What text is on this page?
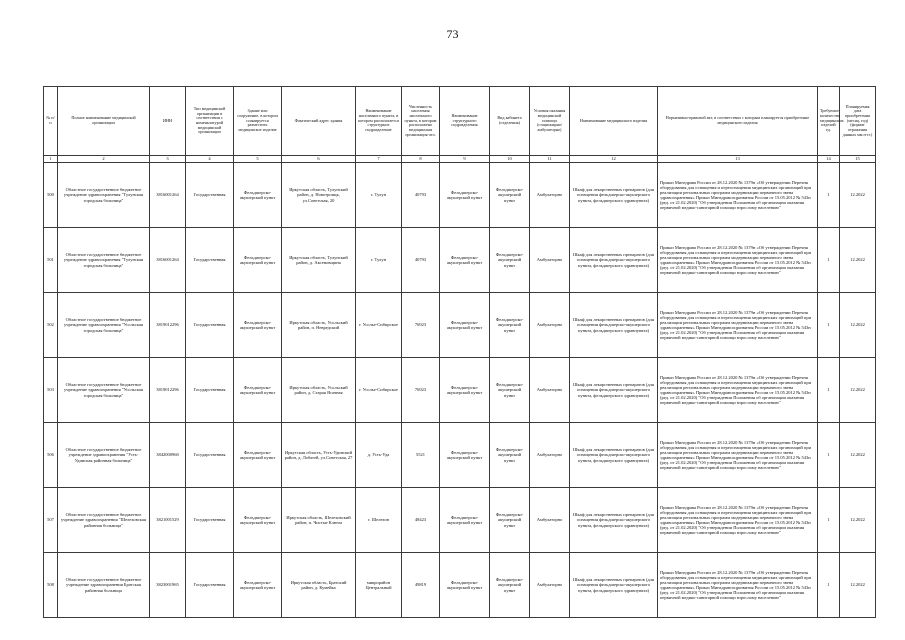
73
№ п/п	Полное наименование медицинской организации	ИНН	Тип медицинской организации в соответствии с номенклатурой медицинской организации	Здание или сооружение, в котором планируется разместить медицинское изделие	Фактический адрес здания	Наименование населенного пункта, в котором располагается структурное подразделение	Численность населения населенного пункта, в котором расположено медицинская организация чел.	Наименование структурного подразделения	Вид кабинета (отделения)	Условия оказания медицинской помощи (стационарно/амбулаторно)	Наименование медицинского изделия	Нормативно-правовой акт, в соответствии с которым планируется приобретение медицинского изделия	Требуемое количество медицинских изделий ед.	Планируемая дата приобретения (месяц, год) (формат отражения данных мм.гггг.)
1	2	3	4	5	6	7	8	9	10	11	12	13	14	15
500	Областное государственное бюджетное учреждение здравоохранения "Тулунская городская больница"	3816001264	Государственная	Фельдшерско-акушерский пункт	Иркутская область, Тулунский район, д. Новотроицк, ул.Советская, 20	г. Тулун	40793	Фельдшерско-акушерский пункт	Фельдшерско-акушерский пункт	Амбулаторно	Шкаф для лекарственных препаратов (для оснащения фельдшерско-акушерского пункта, фельдшерского здравпункта)	Приказ Минздрава России от 28.12.2020 № 1379н «Об утверждении Перечня оборудования для оснащения и переоснащения медицинских организаций при реализации региональных программ модернизации первичного звена здравоохранения» Приказ Минздравсоцразвития России от 15.05.2012 № 543н (ред. от 21.02.2020) "Об утверждении Положения об организации оказания первичной медико-санитарной помощи взрослому населению"	1	12.2022
501	Областное государственное бюджетное учреждение здравоохранения "Тулунская городская больница"	3816001264	Государственная	Фельдшерско-акушерский пункт	Иркутская область, Тулунский район, д. Аксеновщина	г. Тулун	40793	Фельдшерско-акушерский пункт	Фельдшерско-акушерский пункт	Амбулаторно	Шкаф для лекарственных препаратов (для оснащения фельдшерско-акушерского пункта, фельдшерского здравпункта)	Приказ Минздрава России от 28.12.2020 № 1379н «Об утверждении Перечня оборудования для оснащения и переоснащения медицинских организаций при реализации региональных программ модернизации первичного звена здравоохранения» Приказ Минздравсоцразвития России от 15.05.2012 № 543н (ред. от 21.02.2020) "Об утверждении Положения об организации оказания первичной медико-санитарной помощи взрослому населению"	1	12.2022
502	Областное государственное бюджетное учреждение здравоохранения "Усольская городская больница"	3819012296	Государственная	Фельдшерско-акушерский пункт	Иркутская область, Усольский район, п. Невредский	г. Усолье-Сибирское	76923	Фельдшерско-акушерский пункт	Фельдшерско-акушерский пункт	Амбулаторно	Шкаф для лекарственных препаратов (для оснащения фельдшерско-акушерского пункта, фельдшерского здравпункта)	Приказ Минздрава России от 28.12.2020 № 1379н «Об утверждении Перечня оборудования для оснащения и переоснащения медицинских организаций при реализации региональных программ модернизации первичного звена здравоохранения» Приказ Минздравсоцразвития России от 15.05.2012 № 543н (ред. от 21.02.2020) "Об утверждении Положения об организации оказания первичной медико-санитарной помощи взрослому населению"	1	12.2022
503	Областное государственное бюджетное учреждение здравоохранения "Усольская городская больница"	3819012296	Государственная	Фельдшерско-акушерский пункт	Иркутская область, Усольский район, д. Старая Ясачная	г. Усолье-Сибирское	76923	Фельдшерско-акушерский пункт	Фельдшерско-акушерский пункт	Амбулаторно	Шкаф для лекарственных препаратов (для оснащения фельдшерско-акушерского пункта, фельдшерского здравпункта)	Приказ Минздрава России от 28.12.2020 № 1379н «Об утверждении Перечня оборудования для оснащения и переоснащения медицинских организаций при реализации региональных программ модернизации первичного звена здравоохранения» Приказ Минздравсоцразвития России от 15.05.2012 № 543н (ред. от 21.02.2020) "Об утверждении Положения об организации оказания первичной медико-санитарной помощи взрослому населению"	1	12.2022
506	Областное государственное бюджетное учреждение здравоохранения "Усть-Удинская районная больница"	3842000960	Государственная	Фельдшерско-акушерский пункт	Иркутская область, Усть-Удинский район, д. Лобатей, ул.Советская, 27	д. Усть-Уда	5521	Фельдшерско-акушерский пункт	Фельдшерско-акушерский пункт	Амбулаторно	Шкаф для лекарственных препаратов (для оснащения фельдшерско-акушерского пункта, фельдшерского здравпункта)	Приказ Минздрава России от 28.12.2020 № 1379н «Об утверждении Перечня оборудования для оснащения и переоснащения медицинских организаций при реализации региональных программ модернизации первичного звена здравоохранения» Приказ Минздравсоцразвития России от 15.05.2012 № 543н (ред. от 21.02.2020) "Об утверждении Положения об организации оказания первичной медико-санитарной помощи взрослому населению"	1	12.2022
507	Областное государственное бюджетное учреждение здравоохранения "Шелеховская районная больница"	3821001529	Государственная	Фельдшерско-акушерский пункт	Иркутская область, Шелеховский район, п. Чистые Ключи	г. Шелехов	48423	Фельдшерско-акушерский пункт	Фельдшерско-акушерский пункт	Амбулаторно	Шкаф для лекарственных препаратов (для оснащения фельдшерско-акушерского пункта, фельдшерского здравпункта)	Приказ Минздрава России от 28.12.2020 № 1379н «Об утверждении Перечня оборудования для оснащения и переоснащения медицинских организаций при реализации региональных программ модернизации первичного звена здравоохранения» Приказ Минздравсоцразвития России от 15.05.2012 № 543н (ред. от 21.02.2020) "Об утверждении Положения об организации оказания первичной медико-санитарной помощи взрослому населению"	1	12.2022
508	Областное государственное бюджетное учреждение здравоохранения Братская районная больница	3823001965	Государственная	Фельдшерско-акушерский пункт	Иркутская область, Братский район, д. Кумейка	микрорайон Центральный	49819	Фельдшерско-акушерский пункт	Фельдшерско-акушерский пункт	Амбулаторно	Шкаф для лекарственных препаратов (для оснащения фельдшерско-акушерского пункта, фельдшерского здравпункта)	Приказ Минздрава России от 28.12.2020 № 1379н «Об утверждении Перечня оборудования для оснащения и переоснащения медицинских организаций при реализации региональных программ модернизации первичного звена здравоохранения» Приказ Минздравсоцразвития России от 15.05.2012 № 543н (ред. от 21.02.2020) "Об утверждении Положения об организации оказания первичной медико-санитарной помощи взрослому населению"	1	12.2022
